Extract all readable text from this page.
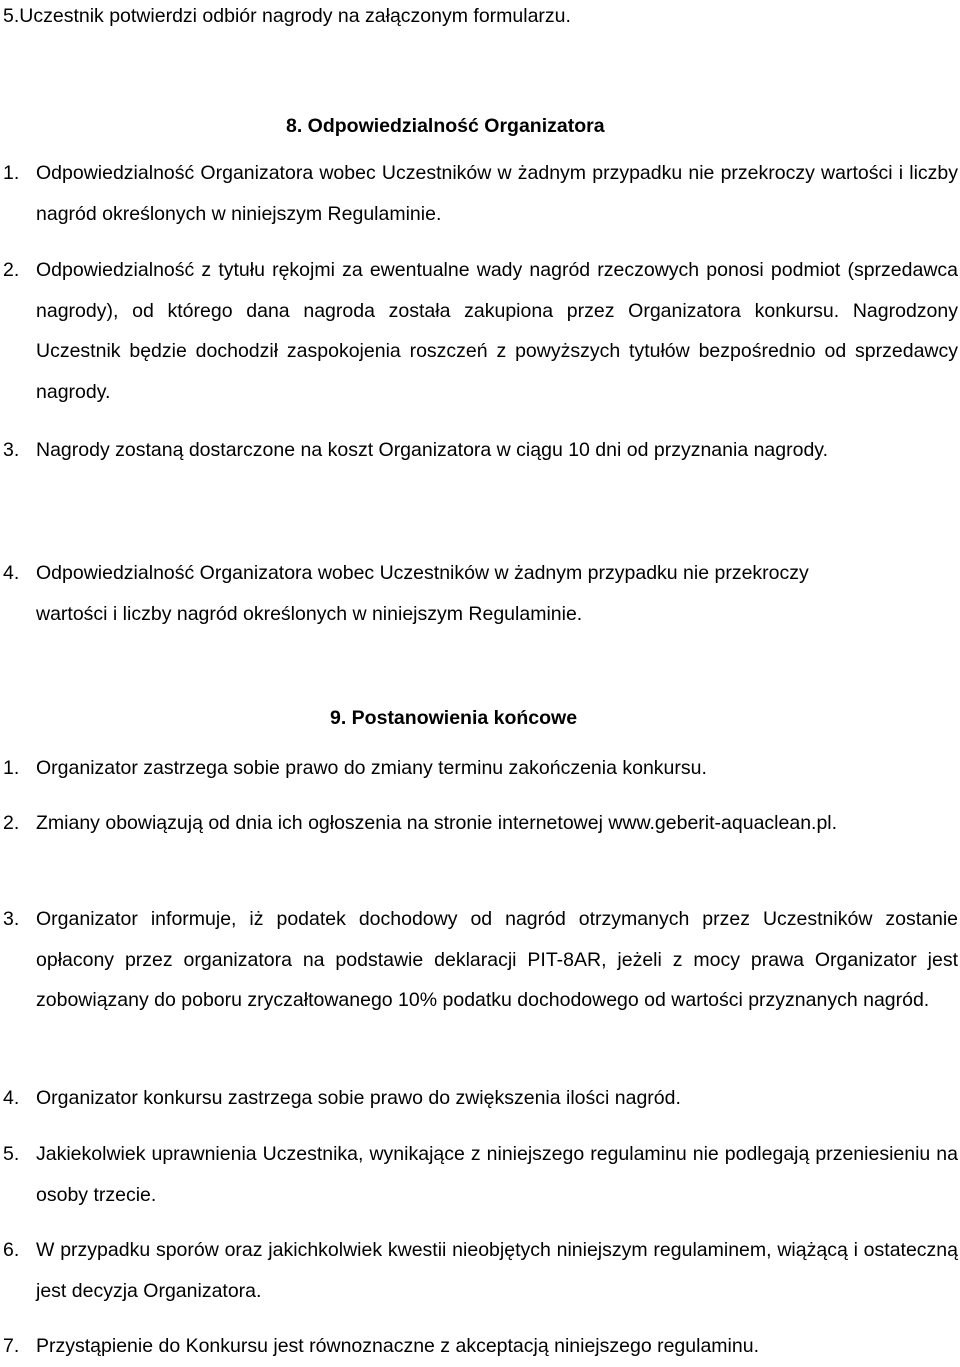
5.Uczestnik potwierdzi odbiór nagrody na załączonym formularzu.
8. Odpowiedzialność Organizatora
1. Odpowiedzialność Organizatora wobec Uczestników w żadnym przypadku nie przekroczy wartości i liczby nagród określonych w niniejszym Regulaminie.
2. Odpowiedzialność z tytułu rękojmi za ewentualne wady nagród rzeczowych ponosi podmiot (sprzedawca nagrody), od którego dana nagroda została zakupiona przez Organizatora konkursu. Nagrodzony Uczestnik będzie dochodził zaspokojenia roszczeń z powyższych tytułów bezpośrednio od sprzedawcy nagrody.
3. Nagrody zostaną dostarczone na koszt Organizatora w ciągu 10 dni od przyznania nagrody.
4. Odpowiedzialność Organizatora wobec Uczestników w żadnym przypadku nie przekroczy wartości i liczby nagród określonych w niniejszym Regulaminie.
9. Postanowienia końcowe
1. Organizator zastrzega sobie prawo do zmiany terminu zakończenia konkursu.
2. Zmiany obowiązują od dnia ich ogłoszenia na stronie internetowej www.geberit-aquaclean.pl.
3. Organizator informuje, iż podatek dochodowy od nagród otrzymanych przez Uczestników zostanie opłacony przez organizatora na podstawie deklaracji PIT-8AR, jeżeli z mocy prawa Organizator jest zobowiązany do poboru zryczałtowanego 10% podatku dochodowego od wartości przyznanych nagród.
4. Organizator konkursu zastrzega sobie prawo do zwiększenia ilości nagród.
5. Jakiekolwiek uprawnienia Uczestnika, wynikające z niniejszego regulaminu nie podlegają przeniesieniu na osoby trzecie.
6. W przypadku sporów oraz jakichkolwiek kwestii nieobjętych niniejszym regulaminem, wiążącą i ostateczną jest decyzja Organizatora.
7. Przystąpienie do Konkursu jest równoznaczne z akceptacją niniejszego regulaminu.
